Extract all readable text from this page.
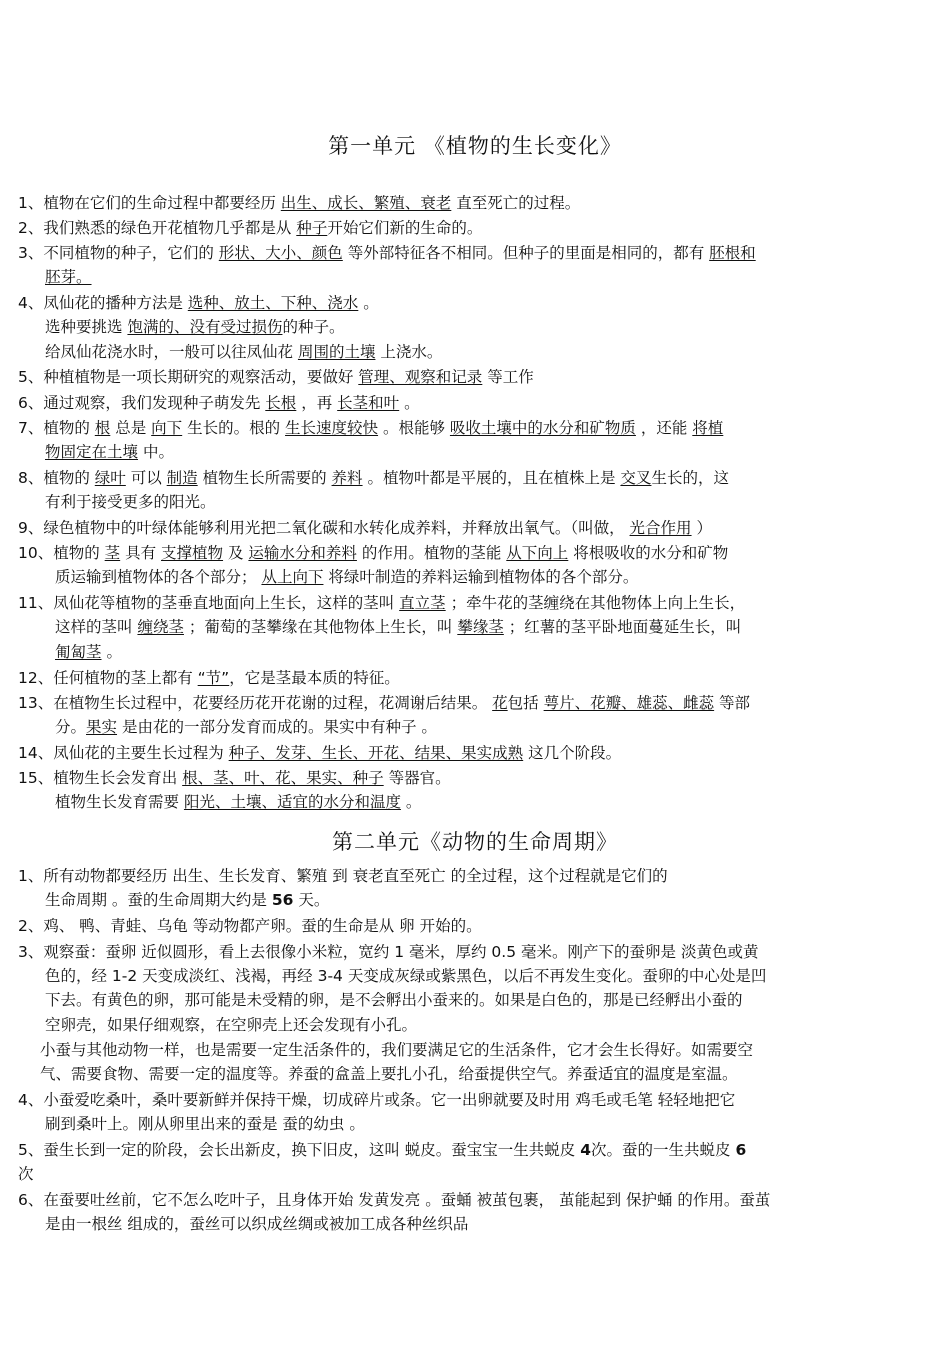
第一单元 《植物的生长变化》
第二单元《动物的生命周期》
1、植物在它们的生命过程中都要经历 出生、成长、繁殖、衰老 直至死亡的过程。
2、我们熟悉的绿色开花植物几乎都是从 种子开始它们新的生命的。
3、不同植物的种子，它们的 形状、大小、颜色 等外部特征各不相同。但种子的里面是相同的，都有 胚根和
胚芽。
4、凤仙花的播种方法是 选种、放土、下种、浇水 。
选种要挑选 饱满的、没有受过损伤的种子。
给凤仙花浇水时，一般可以往凤仙花 周围的土壤 上浇水。
5、种植植物是一项长期研究的观察活动，要做好 管理、观察和记录 等工作
6、通过观察，我们发现种子萌发先 长根 ，再 长茎和叶 。
7、植物的 根 总是 向下 生长的。根的 生长速度较快 。根能够 吸收土壤中的水分和矿物质 ，还能 将植
物固定在土壤 中。
8、植物的 绿叶 可以 制造 植物生长所需要的 养料 。植物叶都是平展的，且在植株上是 交叉生长的，这
有利于接受更多的阳光。
9、绿色植物中的叶绿体能够利用光把二氧化碳和水转化成养料，并释放出氧气。（叫做， 光合作用 ）
10、植物的 茎 具有 支撑植物 及 运输水分和养料 的作用。植物的茎能 从下向上 将根吸收的水分和矿物
质运输到植物体的各个部分； 从上向下 将绿叶制造的养料运输到植物体的各个部分。
11、凤仙花等植物的茎垂直地面向上生长，这样的茎叫 直立茎 ；牵牛花的茎缠绕在其他物体上向上生长，
这样的茎叫 缠绕茎 ；葡萄的茎攀缘在其他物体上生长，叫 攀缘茎 ；红薯的茎平卧地面蔓延生长，叫
匍匐茎 。
12、任何植物的茎上都有 “节”，它是茎最本质的特征。
13、在植物生长过程中，花要经历花开花谢的过程，花凋谢后结果。 花包括 萼片、花瓣、雄蕊、雌蕊 等部
分。果实 是由花的一部分发育而成的。果实中有种子 。
14、凤仙花的主要生长过程为 种子、发芽、生长、开花、结果、果实成熟 这几个阶段。
15、植物生长会发育出 根、茎、叶、花、果实、种子 等器官。
植物生长发育需要 阳光、土壤、适宜的水分和温度 。
1、所有动物都要经历 出生、生长发育、繁殖 到 衰老直至死亡 的全过程，这个过程就是它们的
生命周期 。蚕的生命周期大约是 56 天。
2、鸡、 鸭、青蛙、乌龟 等动物都产卵。蚕的生命是从 卵 开始的。
3、观察蚕：蚕卵 近似圆形，看上去很像小米粒，宽约 1 毫米，厚约 0.5 毫米。刚产下的蚕卵是 淡黄色或黄
色的，经 1-2 天变成淡红、浅褐，再经 3-4 天变成灰绿或紫黑色，以后不再发生变化。蚕卵的中心处是凹
下去。有黄色的卵，那可能是未受精的卵，是不会孵出小蚕来的。如果是白色的，那是已经孵出小蚕的
空卵壳，如果仔细观察，在空卵壳上还会发现有小孔。
小蚕与其他动物一样，也是需要一定生活条件的，我们要满足它的生活条件，它才会生长得好。如需要空
气、需要食物、需要一定的温度等。养蚕的盒盖上要扎小孔，给蚕提供空气。养蚕适宜的温度是室温。
4、小蚕爱吃桑叶，桑叶要新鲜并保持干燥，切成碎片或条。它一出卵就要及时用 鸡毛或毛笔 轻轻地把它
刷到桑叶上。刚从卵里出来的蚕是 蚕的幼虫 。
5、蚕生长到一定的阶段，会长出新皮，换下旧皮，这叫 蜕皮。蚕宝宝一生共蜕皮 4次。蚕的一生共蜕皮 6
次
6、在蚕要吐丝前，它不怎么吃叶子，且身体开始 发黄发亮 。蚕蛹 被茧包裹， 茧能起到 保护蛹 的作用。蚕茧
是由一根丝 组成的，蚕丝可以织成丝绸或被加工成各种丝织品
